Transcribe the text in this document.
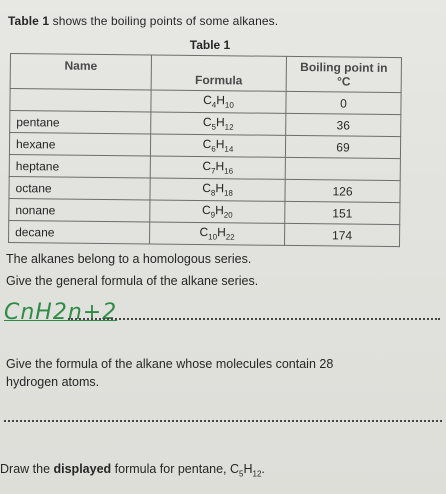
Table 1 shows the boiling points of some alkanes.
Table 1
Name	Formula	Boiling point in °C
	$C_4H_{10}$	0
pentane	$C_5H_{12}$	36
hexane	$C_6H_{14}$	69
heptane	$C_7H_{16}$	
octane	$C_8H_{18}$	126
nonane	$C_9H_{20}$	151
decane	$C_{10}H_{22}$	174
The alkanes belong to a homologous series.
Give the general formula of the alkane series.
CnH2n+2
Give the formula of the alkane whose molecules contain 28
hydrogen atoms.
Draw the displayed formula for pentane, $C_5H_{12}$.
